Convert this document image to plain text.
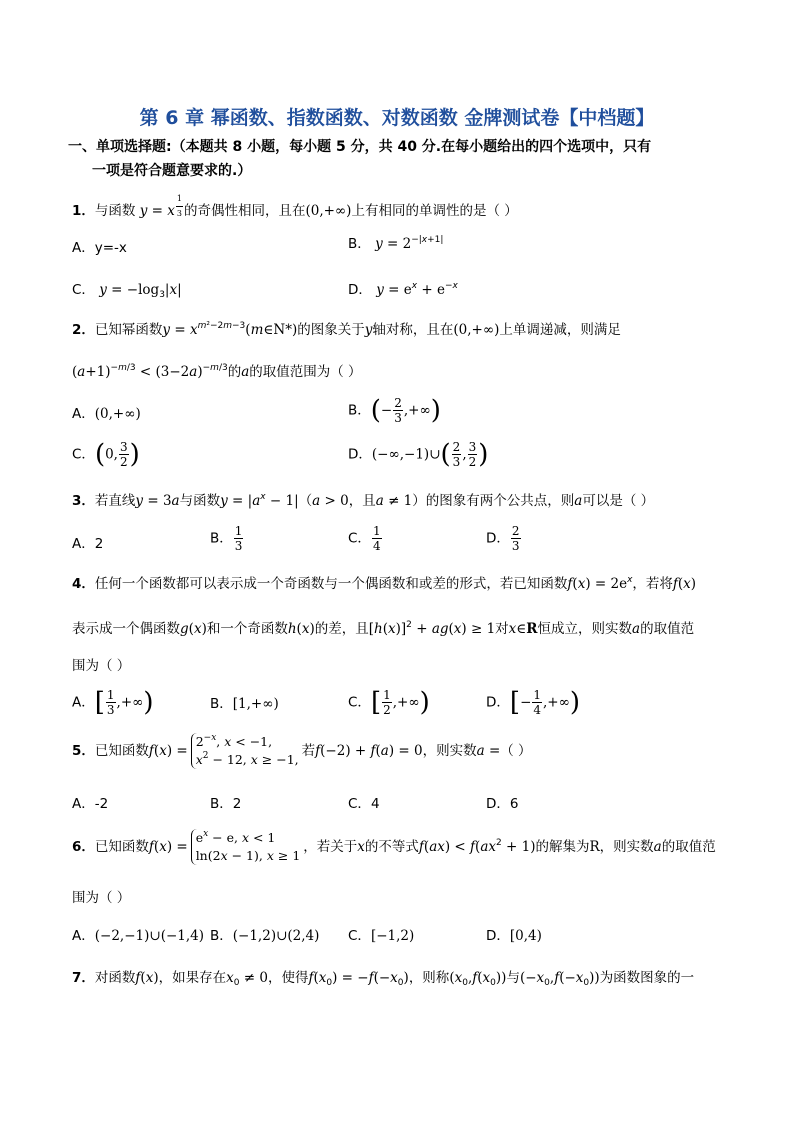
第 6 章 幂函数、指数函数、对数函数 金牌测试卷【中档题】
一、单项选择题:（本题共 8 小题，每小题 5 分，共 40 分.在每小题给出的四个选项中，只有
一项是符合题意要求的.）
1．与函数 y = x $^{\frac{1}{3}}$ 的奇偶性相同，且在(0,+∞)上有相同的单调性的是（ ）
A．y=-x	B． $y = 2^{-|x+1|}$
C． $y = -\log_3|x|$	D． $y = e^x + e^{-x}$
2．已知幂函数$y = x^{m^2-2m-3}(m\in N*)$的图象关于y轴对称，且在(0,+∞)上单调递减，则满足
$(a+1)^{-m/3} < (3-2a)^{-m/3}$的a的取值范围为（ ）
A．(0,+∞)	B．(− $\frac{2}{3}$ ,+∞)
C．(0, $\frac{3}{2}$ )	D．(−∞,−1)∪( $\frac{2}{3}$ , $\frac{3}{2}$ )
3．若直线y = 3a与函数$y = |a^x - 1|(a > 0$，且a ≠ 1）的图象有两个公共点，则a可以是（ ）
A．2	B． $\frac{1}{3}$	C． $\frac{1}{4}$	D． $\frac{2}{3}$
4．任何一个函数都可以表示成一个奇函数与一个偶函数和或差的形式，若已知函数$f(x) = 2e^x$，若将f(x)
表示成一个偶函数g(x)和一个奇函数h(x)的差，且$[h(x)]^2 + ag(x) \ge 1$对x∈R恒成立，则实数a的取值范
围为（ ）
A．[ $\frac{1}{3}$ ,+∞)	B．[1,+∞)	C．[ $\frac{1}{2}$ ,+∞)	D．[− $\frac{1}{4}$ ,+∞)
5．已知函数f(x) =
$2^{-x}$, x < −1,
$x^2 - 12$, x ≥ −1,
若f(−2) + f(a) = 0，则实数a =（ ）
A．-2	B．2	C．4	D．6
6．已知函数f(x) =
$e^x - e$, x < 1
ln(2x − 1), x ≥ 1
，若关于x的不等式$f(ax) < f(ax^2 + 1)$的解集为R，则实数a的取值范
围为（ ）
A．(−2,−1)∪(−1,4) B．(−1,2)∪(2,4) C．[−1,2)	D．[0,4)
7．对函数f(x)，如果存在$x_0 \ne 0$，使得$f(x_0) = -f(-x_0)$，则称$(x_0,f(x_0))$与$(-x_0,f(-x_0))$为函数图象的一
